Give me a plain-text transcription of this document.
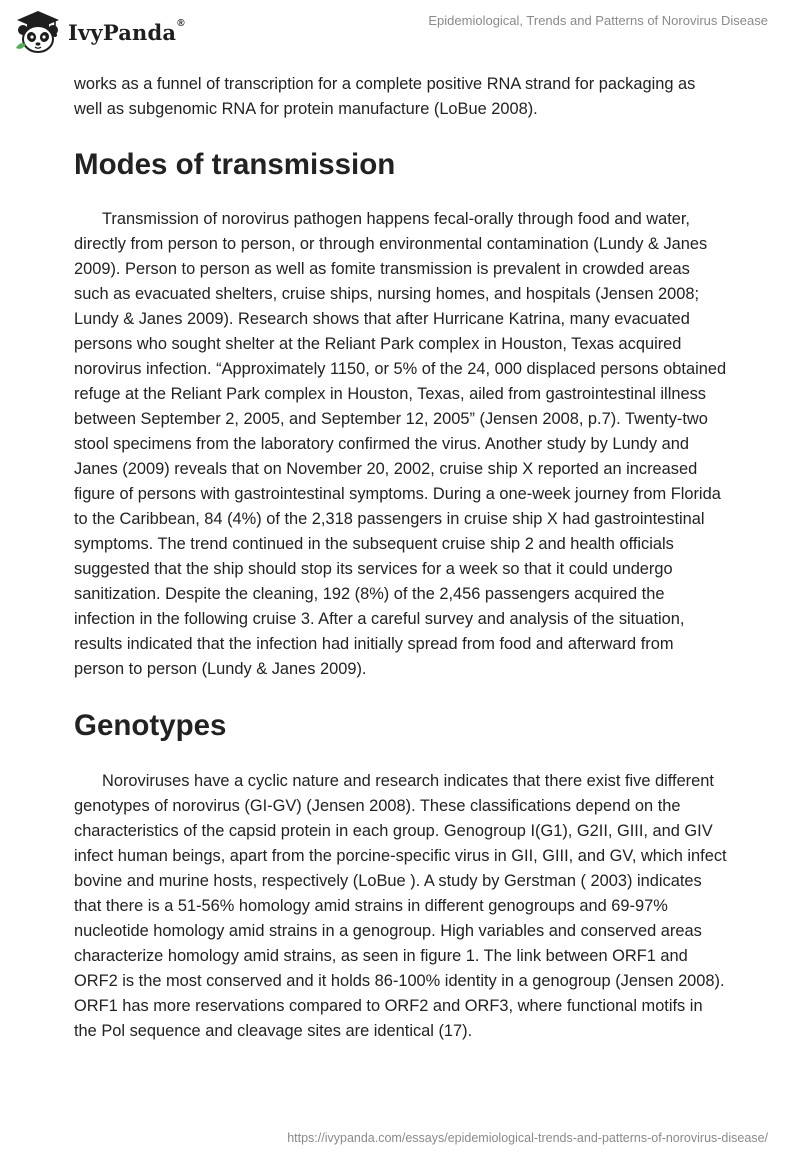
IvyPanda®	Epidemiological, Trends and Patterns of Norovirus Disease

works as a funnel of transcription for a complete positive RNA strand for packaging as well as subgenomic RNA for protein manufacture (LoBue 2008).

Modes of transmission

Transmission of norovirus pathogen happens fecal-orally through food and water, directly from person to person, or through environmental contamination (Lundy & Janes 2009). Person to person as well as fomite transmission is prevalent in crowded areas such as evacuated shelters, cruise ships, nursing homes, and hospitals (Jensen 2008; Lundy & Janes 2009). Research shows that after Hurricane Katrina, many evacuated persons who sought shelter at the Reliant Park complex in Houston, Texas acquired norovirus infection. “Approximately 1150, or 5% of the 24, 000 displaced persons obtained refuge at the Reliant Park complex in Houston, Texas, ailed from gastrointestinal illness between September 2, 2005, and September 12, 2005” (Jensen 2008, p.7). Twenty-two stool specimens from the laboratory confirmed the virus. Another study by Lundy and Janes (2009) reveals that on November 20, 2002, cruise ship X reported an increased figure of persons with gastrointestinal symptoms. During a one-week journey from Florida to the Caribbean, 84 (4%) of the 2,318 passengers in cruise ship X had gastrointestinal symptoms. The trend continued in the subsequent cruise ship 2 and health officials suggested that the ship should stop its services for a week so that it could undergo sanitization. Despite the cleaning, 192 (8%) of the 2,456 passengers acquired the infection in the following cruise 3. After a careful survey and analysis of the situation, results indicated that the infection had initially spread from food and afterward from person to person (Lundy & Janes 2009).

Genotypes

Noroviruses have a cyclic nature and research indicates that there exist five different genotypes of norovirus (GI-GV) (Jensen 2008). These classifications depend on the characteristics of the capsid protein in each group. Genogroup I(G1), G2II, GIII, and GIV infect human beings, apart from the porcine-specific virus in GII, GIII, and GV, which infect bovine and murine hosts, respectively (LoBue ). A study by Gerstman ( 2003) indicates that there is a 51-56% homology amid strains in different genogroups and 69-97% nucleotide homology amid strains in a genogroup. High variables and conserved areas characterize homology amid strains, as seen in figure 1. The link between ORF1 and ORF2 is the most conserved and it holds 86-100% identity in a genogroup (Jensen 2008). ORF1 has more reservations compared to ORF2 and ORF3, where functional motifs in the Pol sequence and cleavage sites are identical (17).

https://ivypanda.com/essays/epidemiological-trends-and-patterns-of-norovirus-disease/
